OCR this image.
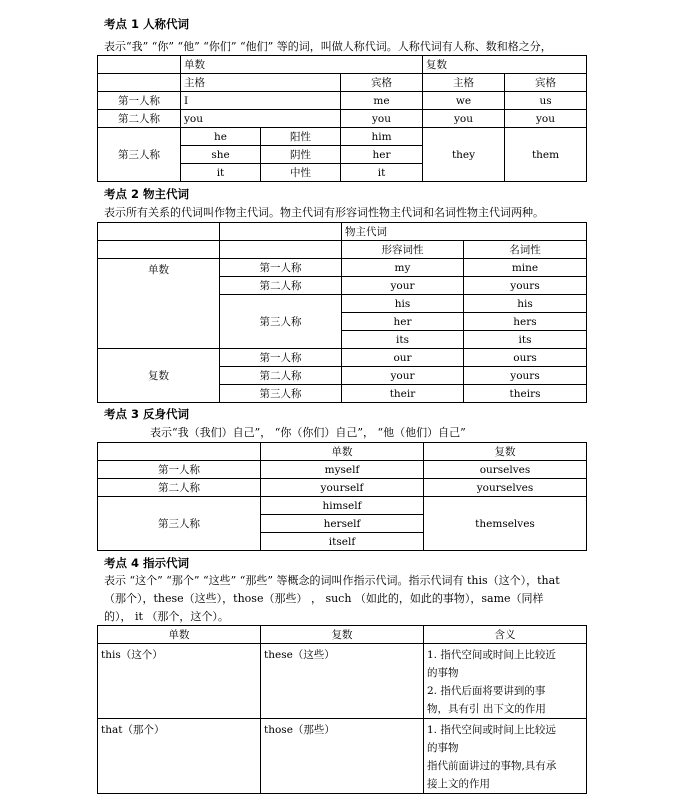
考点 1 人称代词
表示“我” “你” “他” “你们” “他们” 等的词，叫做人称代词。人称代词有人称、数和格之分，
	单数			复数	
	主格		宾格	主格	宾格
第一人称	I		me	we	us
第二人称	you		you	you	you
第三人称	he	阳性	him	they	them
	she	阴性	her		
	it	中性	it		
考点 2 物主代词
表示所有关系的代词叫作物主代词。物主代词有形容词性物主代词和名词性物主代词两种。
		物主代词	
		形容词性	名词性
单数	第一人称	my	mine
	第二人称	your	yours
	第三人称	his	his
		her	hers
		its	its
复数	第一人称	our	ours
	第二人称	your	yours
	第三人称	their	theirs
考点 3 反身代词
表示“我（我们）自己”， “你（你们）自己”， “他（他们）自己”
	单数	复数
第一人称	myself	ourselves
第二人称	yourself	yourselves
第三人称	himself	themselves
	herself	
	itself	
考点 4 指示代词
表示 “这个” “那个” “这些” “那些” 等概念的词叫作指示代词。指示代词有 this（这个），that
（那个），these（这些），those（那些） ， such （如此的，如此的事物），same（同样
的）， it （那个，这个）。
单数	复数	含义
this（这个）	these（这些）	1. 指代空间或时间上比较近
的事物
2. 指代后面将要讲到的事
物，具有引 出下文的作用

that（那个）	those（那些）	1. 指代空间或时间上比较远
的事物
指代前面讲过的事物,具有承
接上文的作用
